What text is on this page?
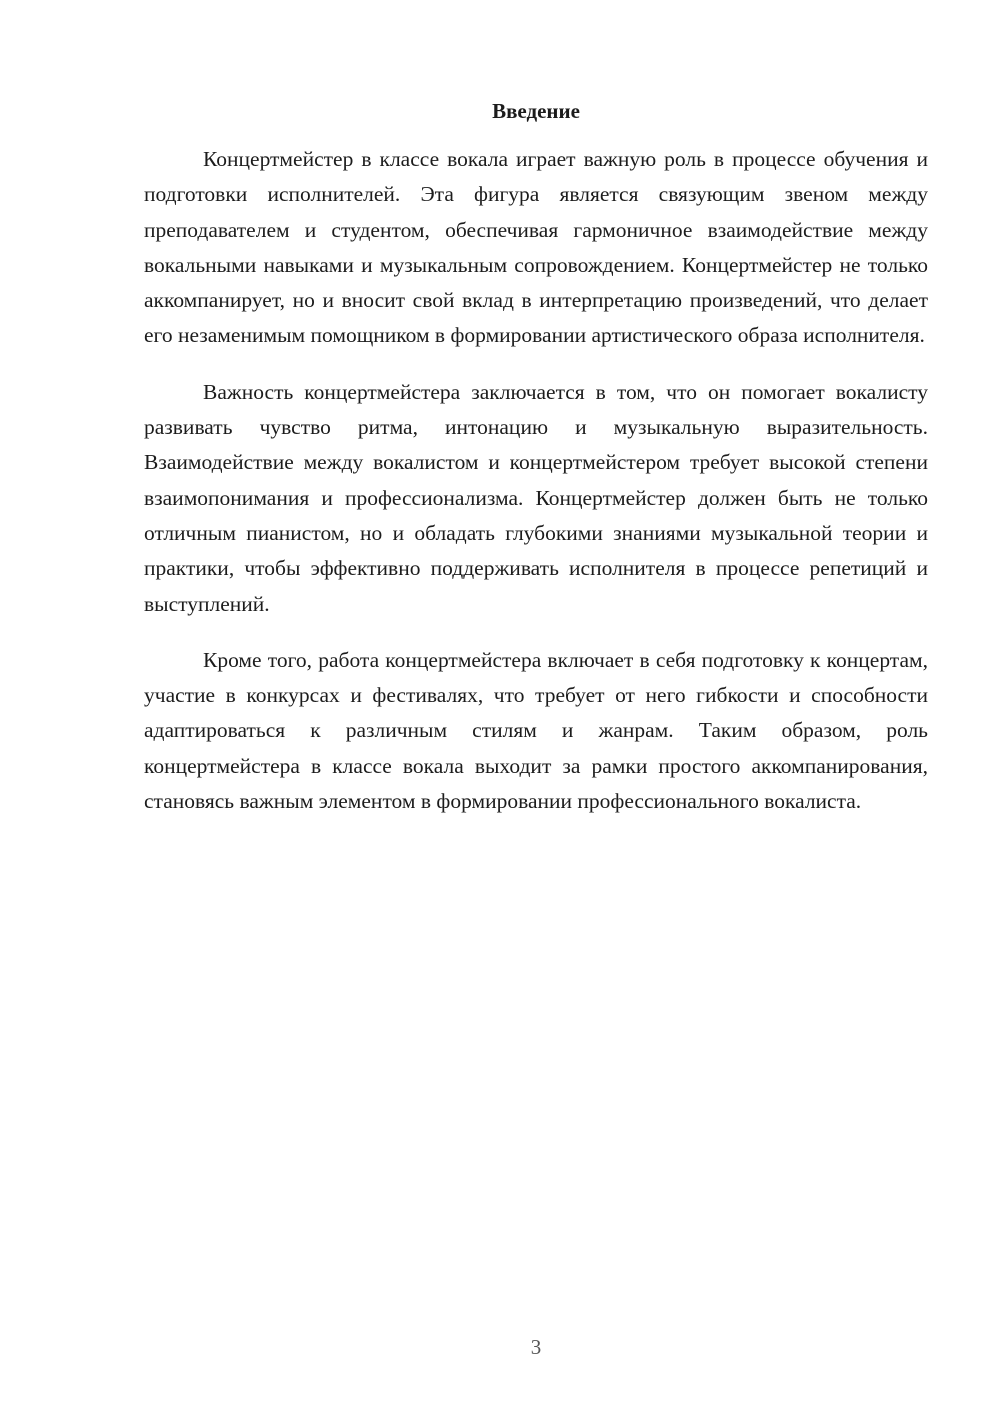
Введение

Концертмейстер в классе вокала играет важную роль в процессе обучения и подготовки исполнителей. Эта фигура является связующим звеном между преподавателем и студентом, обеспечивая гармоничное взаимодействие между вокальными навыками и музыкальным сопровождением. Концертмейстер не только аккомпанирует, но и вносит свой вклад в интерпретацию произведений, что делает его незаменимым помощником в формировании артистического образа исполнителя.

Важность концертмейстера заключается в том, что он помогает вокалисту развивать чувство ритма, интонацию и музыкальную выразительность. Взаимодействие между вокалистом и концертмейстером требует высокой степени взаимопонимания и профессионализма. Концертмейстер должен быть не только отличным пианистом, но и обладать глубокими знаниями музыкальной теории и практики, чтобы эффективно поддерживать исполнителя в процессе репетиций и выступлений.

Кроме того, работа концертмейстера включает в себя подготовку к концертам, участие в конкурсах и фестивалях, что требует от него гибкости и способности адаптироваться к различным стилям и жанрам. Таким образом, роль концертмейстера в классе вокала выходит за рамки простого аккомпанирования, становясь важным элементом в формировании профессионального вокалиста.

3
